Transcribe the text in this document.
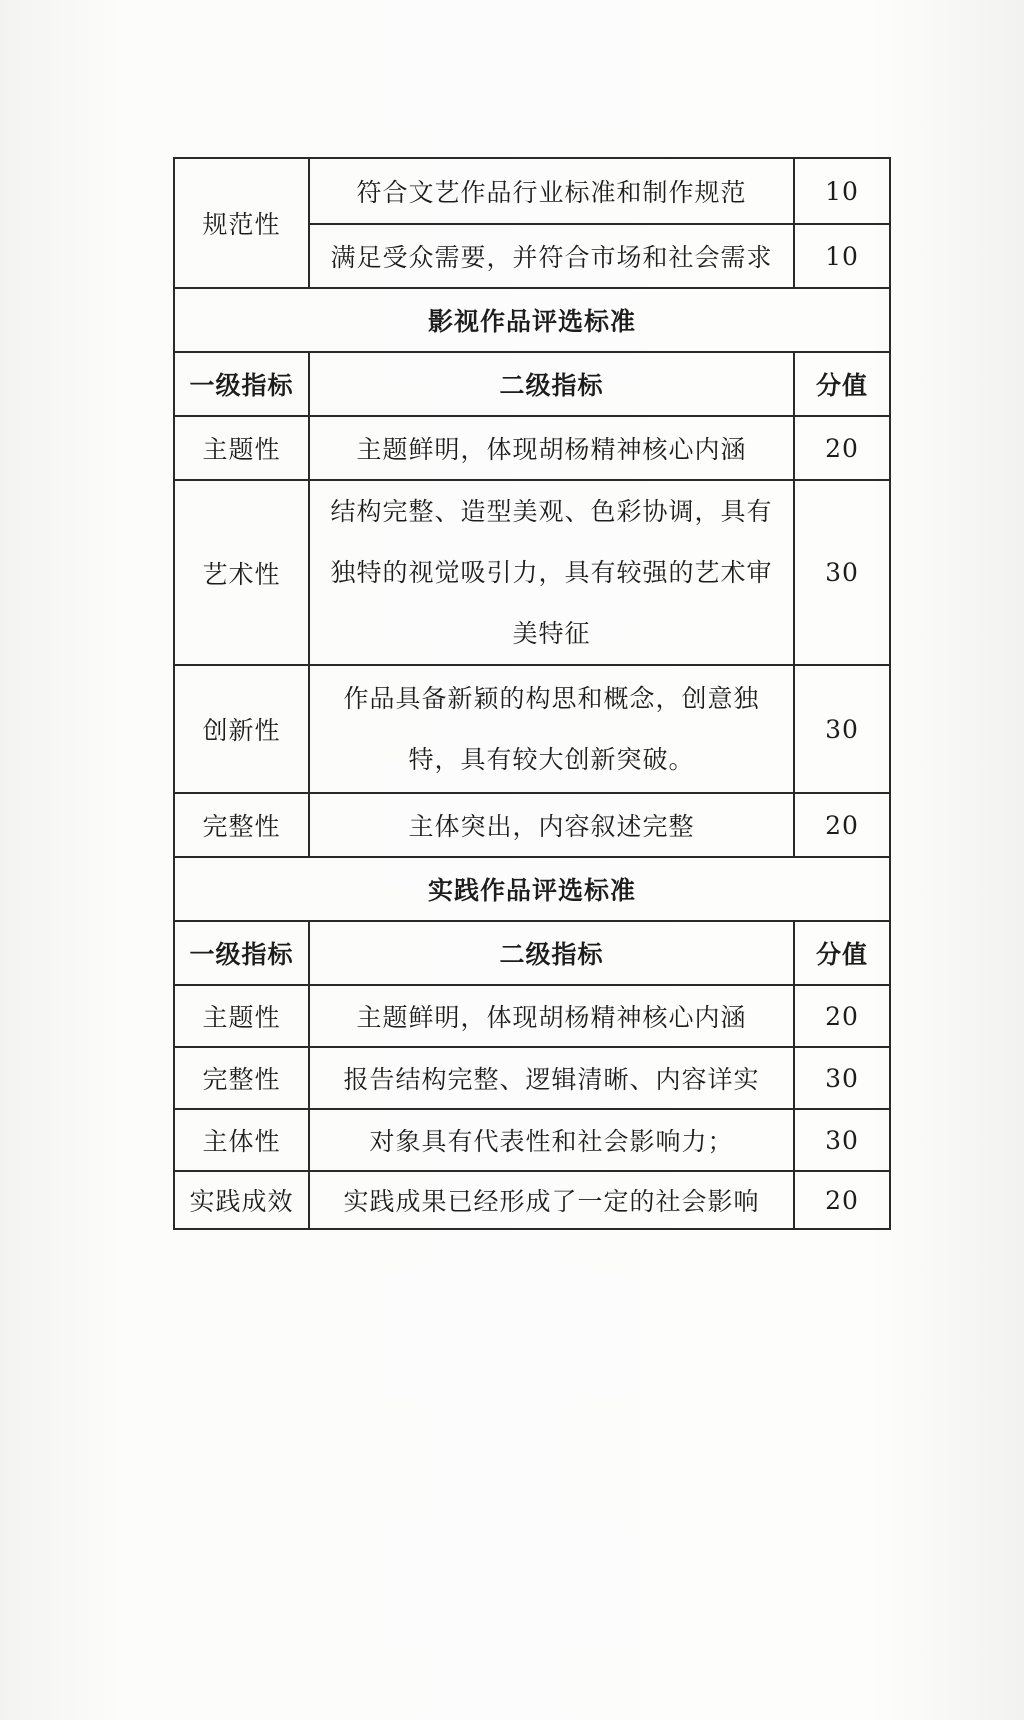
规范性	符合文艺作品行业标准和制作规范	10
	满足受众需要，并符合市场和社会需求	10
影视作品评选标准		
一级指标	二级指标	分值
主题性	主题鲜明，体现胡杨精神核心内涵	20
艺术性	结构完整、造型美观、色彩协调，具有独特的视觉吸引力，具有较强的艺术审美特征	30
创新性	作品具备新颖的构思和概念，创意独特，具有较大创新突破。	30
完整性	主体突出，内容叙述完整	20
实践作品评选标准		
一级指标	二级指标	分值
主题性	主题鲜明，体现胡杨精神核心内涵	20
完整性	报告结构完整、逻辑清晰、内容详实	30
主体性	对象具有代表性和社会影响力；	30
实践成效	实践成果已经形成了一定的社会影响	20
